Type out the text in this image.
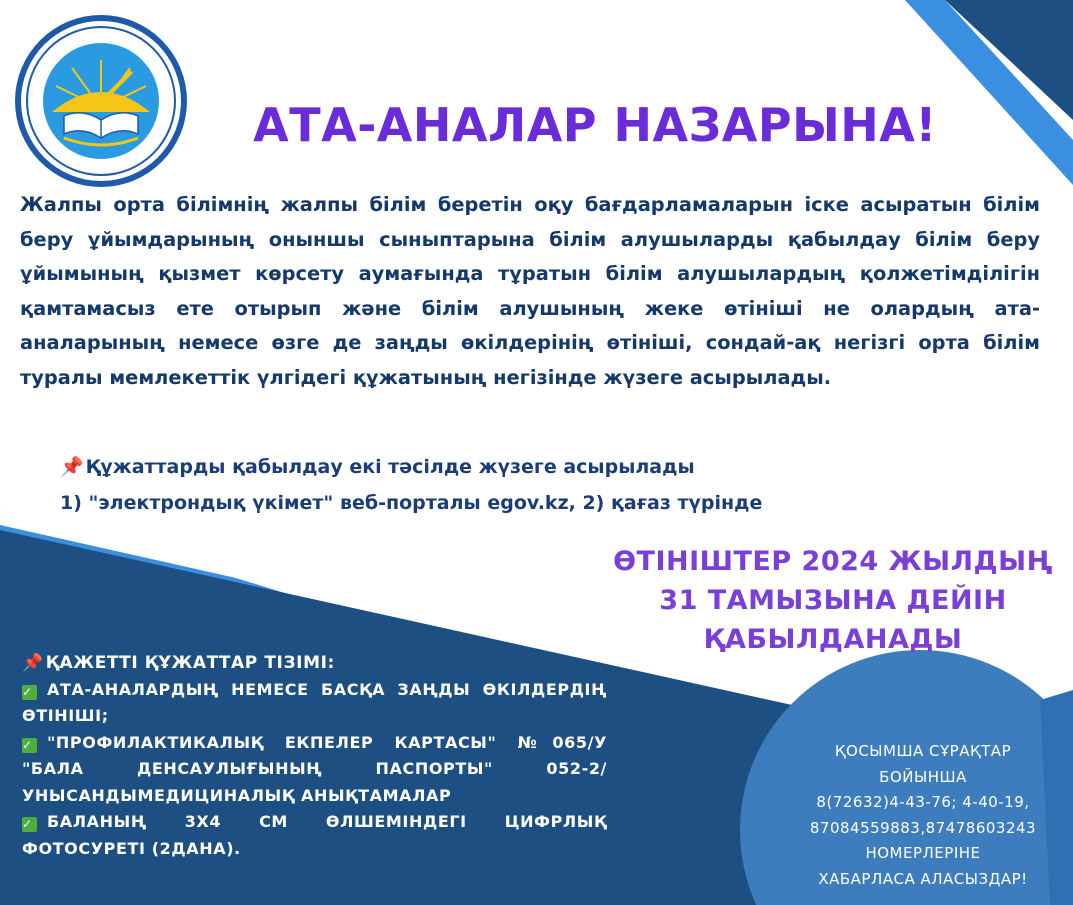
АТА-АНАЛАР НАЗАРЫНА!
Жалпы орта білімнің жалпы білім беретін оқу бағдарламаларын іске асыратын білім беру ұйымдарының оныншы сыныптарына білім алушыларды қабылдау білім беру ұйымының қызмет көрсету аумағында тұратын білім алушылардың қолжетімділігін қамтамасыз ете отырып және білім алушының жеке өтініші не олардың ата-аналарының немесе өзге де заңды өкілдерінің өтініші, сондай-ақ негізгі орта білім туралы мемлекеттік үлгідегі құжатының негізінде жүзеге асырылады.
📌 Құжаттарды қабылдау екі тәсілде жүзеге асырылады
1) "электрондық үкімет" веб-порталы egov.kz, 2) қағаз түрінде
ӨТІНІШТЕР 2024 ЖЫЛДЫҢ
31 ТАМЫЗЫНА ДЕЙІН
ҚАБЫЛДАНАДЫ
📌 ҚАЖЕТТІ ҚҰЖАТТАР ТІЗІМІ:
✓ АТА-АНАЛАРДЫҢ НЕМЕСЕ БАСҚА ЗАҢДЫ ӨКІЛДЕРДІҢ ӨТІНІШІ;
✓ "ПРОФИЛАКТИКАЛЫҚ ЕКПЕЛЕР КАРТАСЫ" №065/У "БАЛА ДЕНСАУЛЫҒЫНЫҢ ПАСПОРТЫ" 052-2/ УНЫСАНДЫМЕДИЦИНАЛЫҚ АНЫҚТАМАЛАР
✓ БАЛАНЫҢ 3Х4 СМ ӨЛШЕМІНДЕГІ ЦИФРЛЫҚ ФОТОСУРЕТІ (2ДАНА).
ҚОСЫМША СҰРАҚТАР
БОЙЫНША
8(72632)4-43-76; 4-40-19,
87084559883,87478603243
НОМЕРЛЕРІНЕ
ХАБАРЛАСА АЛАСЫЗДАР!
